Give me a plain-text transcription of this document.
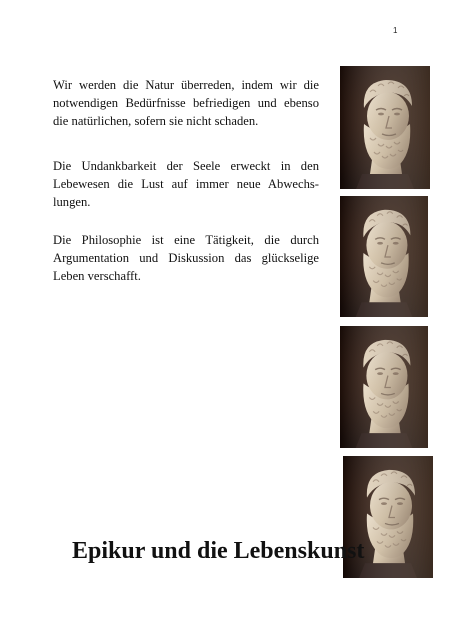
1

Wir werden die Natur überreden, indem wir die notwendigen Bedürfnisse befriedigen und ebenso die natürlichen, sofern sie nicht schaden.

Die Undankbarkeit der Seele erweckt in den Lebewesen die Lust auf immer neue Abwechslungen.

Die Philosophie ist eine Tätigkeit, die durch Argumentation und Diskussion das glückselige Leben verschafft.

Epikur und die Lebenskunst
